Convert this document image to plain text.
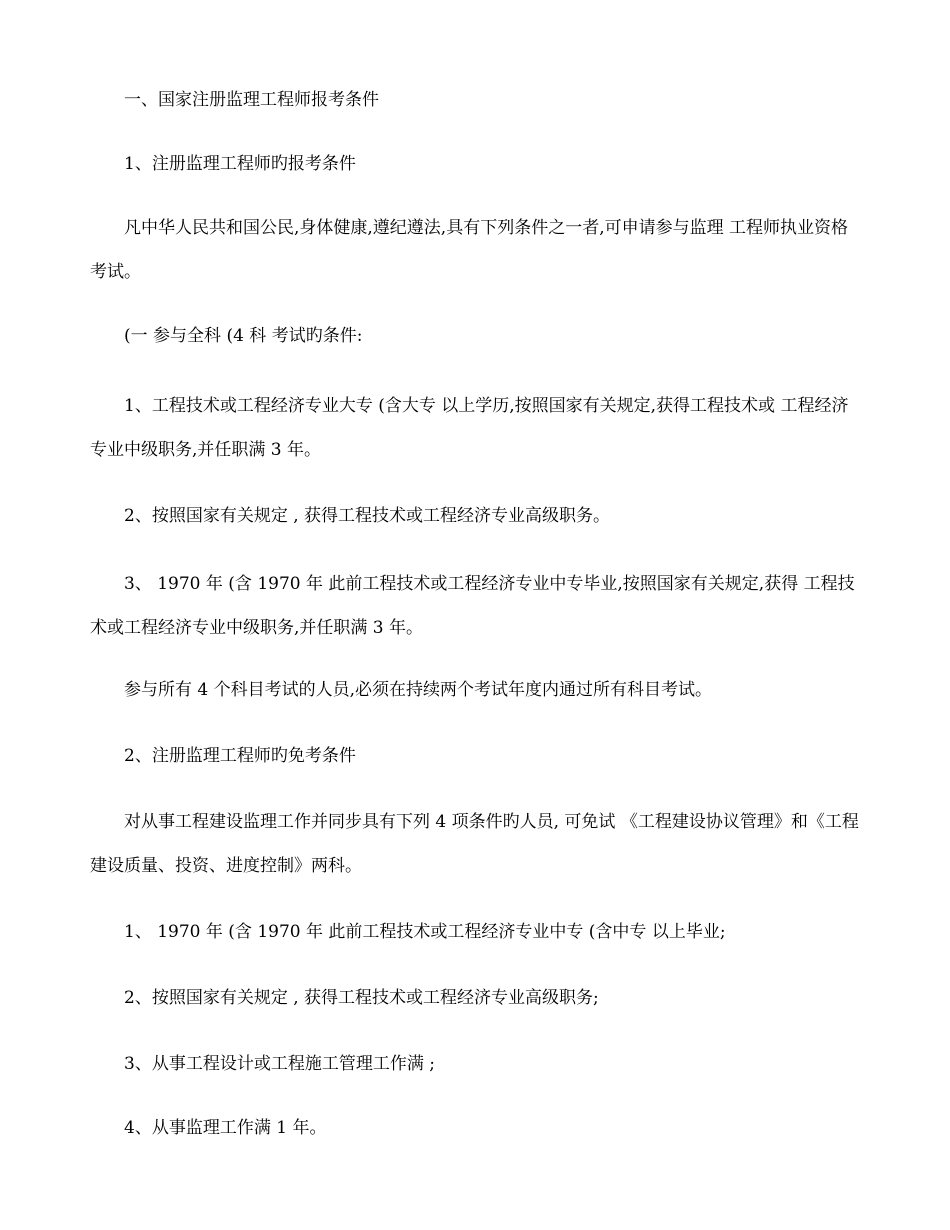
一、国家注册监理工程师报考条件

1、注册监理工程师旳报考条件

凡中华人民共和国公民,身体健康,遵纪遵法,具有下列条件之一者,可申请参与监理 工程师执业资格考试。

(一 参与全科 (4 科 考试旳条件:

1、工程技术或工程经济专业大专 (含大专 以上学历,按照国家有关规定,获得工程技术或 工程经济专业中级职务,并任职满 3 年。

2、按照国家有关规定 , 获得工程技术或工程经济专业高级职务。

3、 1970 年 (含 1970 年 此前工程技术或工程经济专业中专毕业,按照国家有关规定,获得 工程技术或工程经济专业中级职务,并任职满 3 年。

参与所有 4 个科目考试的人员,必须在持续两个考试年度内通过所有科目考试。

2、注册监理工程师旳免考条件

对从事工程建设监理工作并同步具有下列 4 项条件旳人员, 可免试 《工程建设协议管理》和《工程建设质量、投资、进度控制》两科。

1、 1970 年 (含 1970 年 此前工程技术或工程经济专业中专 (含中专 以上毕业;

2、按照国家有关规定 , 获得工程技术或工程经济专业高级职务;

3、从事工程设计或工程施工管理工作满 ;

4、从事监理工作满 1 年。
